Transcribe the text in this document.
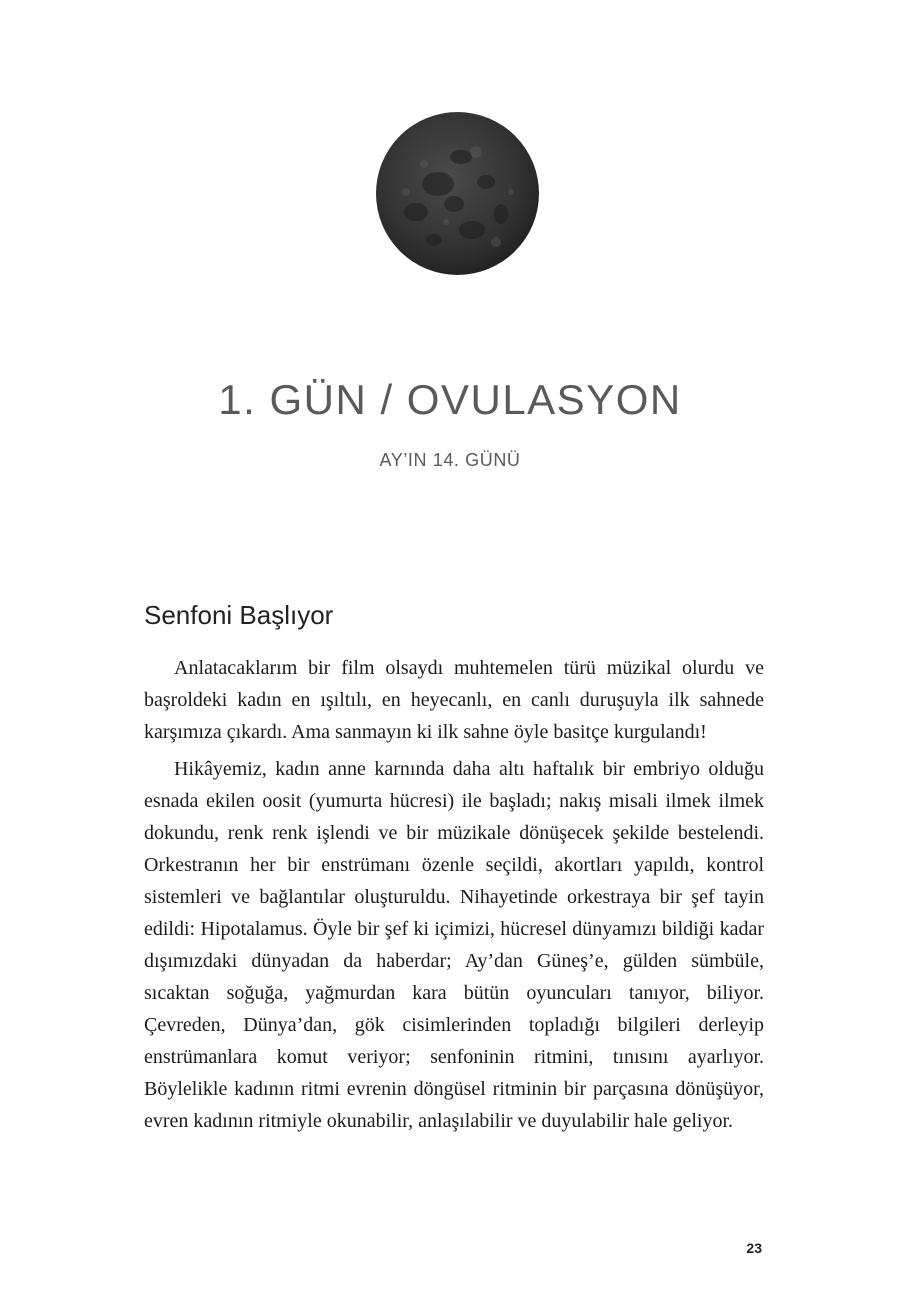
1. GÜN / OVULASYON
AY’IN 14. GÜNÜ
Senfoni Başlıyor

Anlatacaklarım bir film olsaydı muhtemelen türü müzikal olurdu ve başroldeki kadın en ışıltılı, en heyecanlı, en canlı duruşuyla ilk sahnede karşımıza çıkardı. Ama sanmayın ki ilk sahne öyle basitçe kurgulandı!

Hikâyemiz, kadın anne karnında daha altı haftalık bir embriyo olduğu esnada ekilen oosit (yumurta hücresi) ile başladı; nakış misali ilmek ilmek dokundu, renk renk işlendi ve bir müzikale dönüşecek şekilde bestelendi. Orkestranın her bir enstrümanı özenle seçildi, akortları yapıldı, kontrol sistemleri ve bağlantılar oluşturuldu. Nihayetinde orkestraya bir şef tayin edildi: Hipotalamus. Öyle bir şef ki içimizi, hücresel dünyamızı bildiği kadar dışımızdaki dünyadan da haberdar; Ay’dan Güneş’e, gülden sümbüle, sıcaktan soğuğa, yağmurdan kara bütün oyuncuları tanıyor, biliyor. Çevreden, Dünya’dan, gök cisimlerinden topladığı bilgileri derleyip enstrümanlara komut veriyor; senfoninin ritmini, tınısını ayarlıyor. Böylelikle kadının ritmi evrenin döngüsel ritminin bir parçasına dönüşüyor, evren kadının ritmiyle okunabilir, anlaşılabilir ve duyulabilir hale geliyor.

23
